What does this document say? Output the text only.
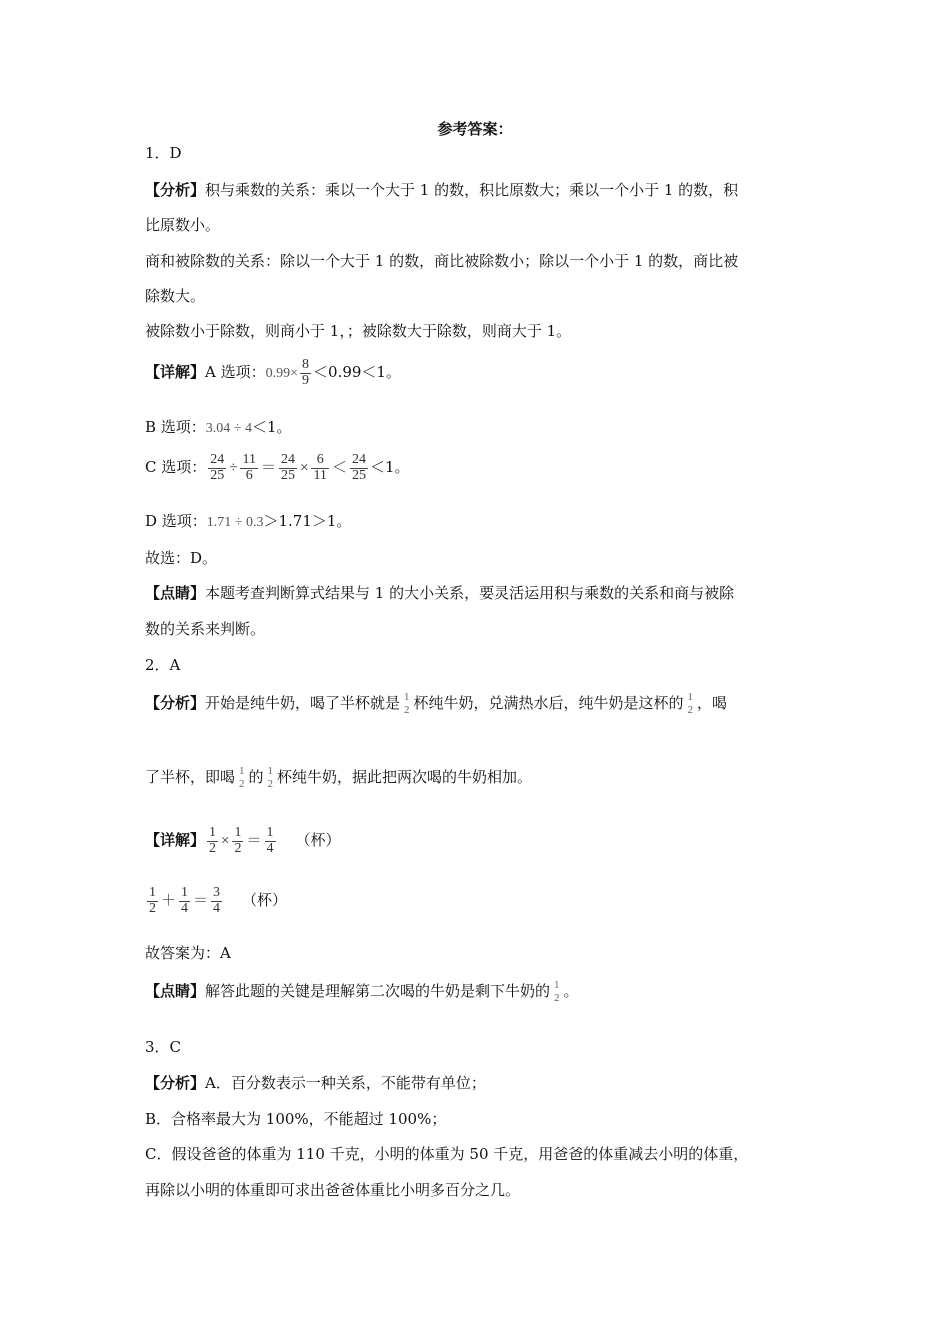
参考答案：
1．D
【分析】积与乘数的关系：乘以一个大于 1 的数，积比原数大；乘以一个小于 1 的数，积
比原数小。
商和被除数的关系：除以一个大于 1 的数，商比被除数小；除以一个小于 1 的数，商比被
除数大。
被除数小于除数，则商小于 1，；被除数大于除数，则商大于 1。
【详解】A 选项：$0.99\times \frac{8}{9} <0.99<1$。
B 选项：3.04 ÷ 4＜1。
C 选项： $\frac{24}{25} \div \frac{11}{6} = \frac{24}{25} \times \frac{6}{11} < \frac{24}{25} <1$。
D 选项：1.71 ÷ 0.3＞1.71＞1。
故选：D。
【点睛】本题考查判断算式结果与 1 的大小关系，要灵活运用积与乘数的关系和商与被除
数的关系来判断。
2．A
【分析】开始是纯牛奶，喝了半杯就是 1
2 杯纯牛奶，兑满热水后，纯牛奶是这杯的 1
2 ，喝
了半杯，即喝 1
2 的 1
2 杯纯牛奶，据此把两次喝的牛奶相加。
【详解】 $\frac{1}{2} \times \frac{1}{2} = \frac{1}{4}$ （杯）
$\frac{1}{2} + \frac{1}{4} = \frac{3}{4}$ （杯）
故答案为：A
【点睛】解答此题的关键是理解第二次喝的牛奶是剩下牛奶的 1
2 。
3．C
【分析】A．百分数表示一种关系，不能带有单位；
B．合格率最大为 100%，不能超过 100%；
C．假设爸爸的体重为 110 千克，小明的体重为 50 千克，用爸爸的体重减去小明的体重，
再除以小明的体重即可求出爸爸体重比小明多百分之几。
